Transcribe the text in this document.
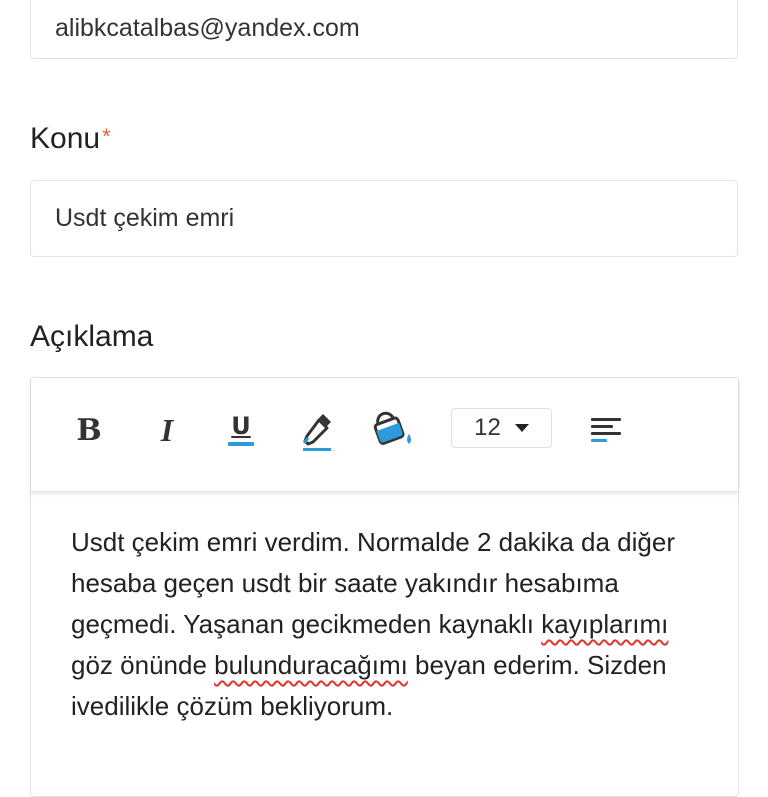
alibkcatalbas@yandex.com
Konu*
Usdt çekim emri
Açıklama
B	I	U	12
Usdt çekim emri verdim. Normalde 2 dakika da diğer hesaba geçen usdt bir saate yakındır hesabıma geçmedi. Yaşanan gecikmeden kaynaklı kayıplarımı göz önünde bulunduracağımı beyan ederim. Sizden ivedilikle çözüm bekliyorum.
